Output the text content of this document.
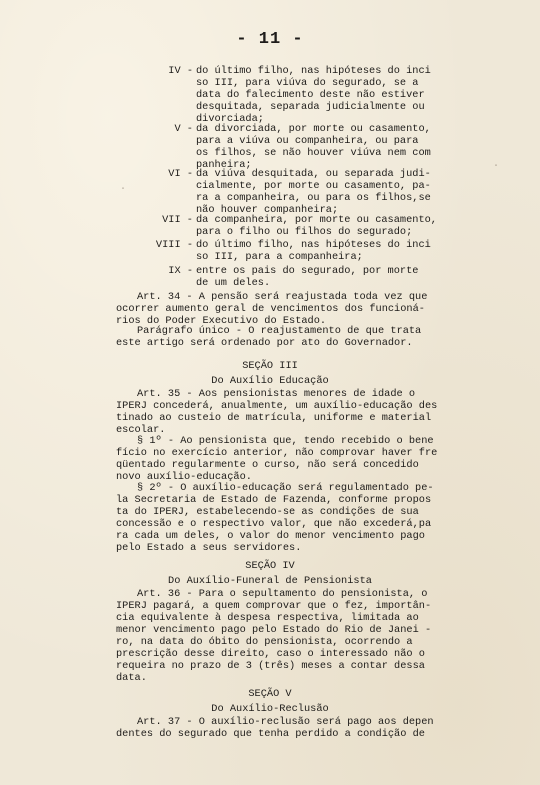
- 11 -
IV - do último filho, nas hipóteses do inci
so III, para viúva do segurado, se a
data do falecimento deste não estiver
desquitada, separada judicialmente ou
divorciada;
V - da divorciada, por morte ou casamento,
para a viúva ou companheira, ou para
os filhos, se não houver viúva nem com
panheira;
VI - da viúva desquitada, ou separada judi-
cialmente, por morte ou casamento, pa-
ra a companheira, ou para os filhos,se
não houver companheira;
VII - da companheira, por morte ou casamento,
para o filho ou filhos do segurado;
VIII - do último filho, nas hipóteses do inci
so III, para a companheira;
IX - entre os pais do segurado, por morte
de um deles.
Art. 34 - A pensão será reajustada toda vez que
ocorrer aumento geral de vencimentos dos funcioná-
rios do Poder Executivo do Estado.
Parágrafo único - O reajustamento de que trata
este artigo será ordenado por ato do Governador.
SEÇÃO III
Do Auxílio Educação
Art. 35 - Aos pensionistas menores de idade o
IPERJ concederá, anualmente, um auxílio-educação des
tinado ao custeio de matrícula, uniforme e material
escolar.
§ 1º - Ao pensionista que, tendo recebido o bene
fício no exercício anterior, não comprovar haver fre
qüentado regularmente o curso, não será concedido
novo auxílio-educação.
§ 2º - O auxílio-educação será regulamentado pe-
la Secretaria de Estado de Fazenda, conforme propos
ta do IPERJ, estabelecendo-se as condições de sua
concessão e o respectivo valor, que não excederá,pa
ra cada um deles, o valor do menor vencimento pago
pelo Estado a seus servidores.
SEÇÃO IV
Do Auxílio-Funeral de Pensionista
Art. 36 - Para o sepultamento do pensionista, o
IPERJ pagará, a quem comprovar que o fez, importân-
cia equivalente à despesa respectiva, limitada ao
menor vencimento pago pelo Estado do Rio de Janei -
ro, na data do óbito do pensionista, ocorrendo a
prescrição desse direito, caso o interessado não o
requeira no prazo de 3 (três) meses a contar dessa
data.
SEÇÃO V
Do Auxílio-Reclusão
Art. 37 - O auxílio-reclusão será pago aos depen
dentes do segurado que tenha perdido a condição de
ˌ
ˌ
